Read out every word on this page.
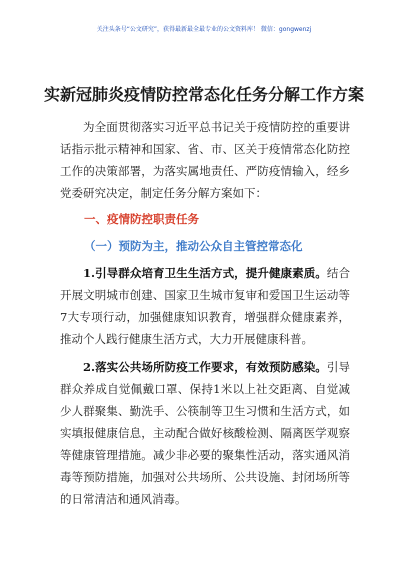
关注头条号“公文研究”，获得最新最全最专业的公文资料库！ 微信：gongwenzj
实新冠肺炎疫情防控常态化任务分解工作方案

为全面贯彻落实习近平总书记关于疫情防控的重要讲话指示批示精神和国家、省、市、区关于疫情常态化防控工作的决策部署，为落实属地责任、严防疫情输入，经乡党委研究决定，制定任务分解方案如下：

一、疫情防控职责任务
（一）预防为主，推动公众自主管控常态化

1.引导群众培育卫生生活方式，提升健康素质。结合开展文明城市创建、国家卫生城市复审和爱国卫生运动等7大专项行动，加强健康知识教育，增强群众健康素养，推动个人践行健康生活方式，大力开展健康科普。

2.落实公共场所防疫工作要求，有效预防感染。引导群众养成自觉佩戴口罩、保持1米以上社交距离、自觉减少人群聚集、勤洗手、公筷制等卫生习惯和生活方式，如实填报健康信息，主动配合做好核酸检测、隔离医学观察等健康管理措施。减少非必要的聚集性活动，落实通风消毒等预防措施，加强对公共场所、公共设施、封闭场所等的日常清洁和通风消毒。
